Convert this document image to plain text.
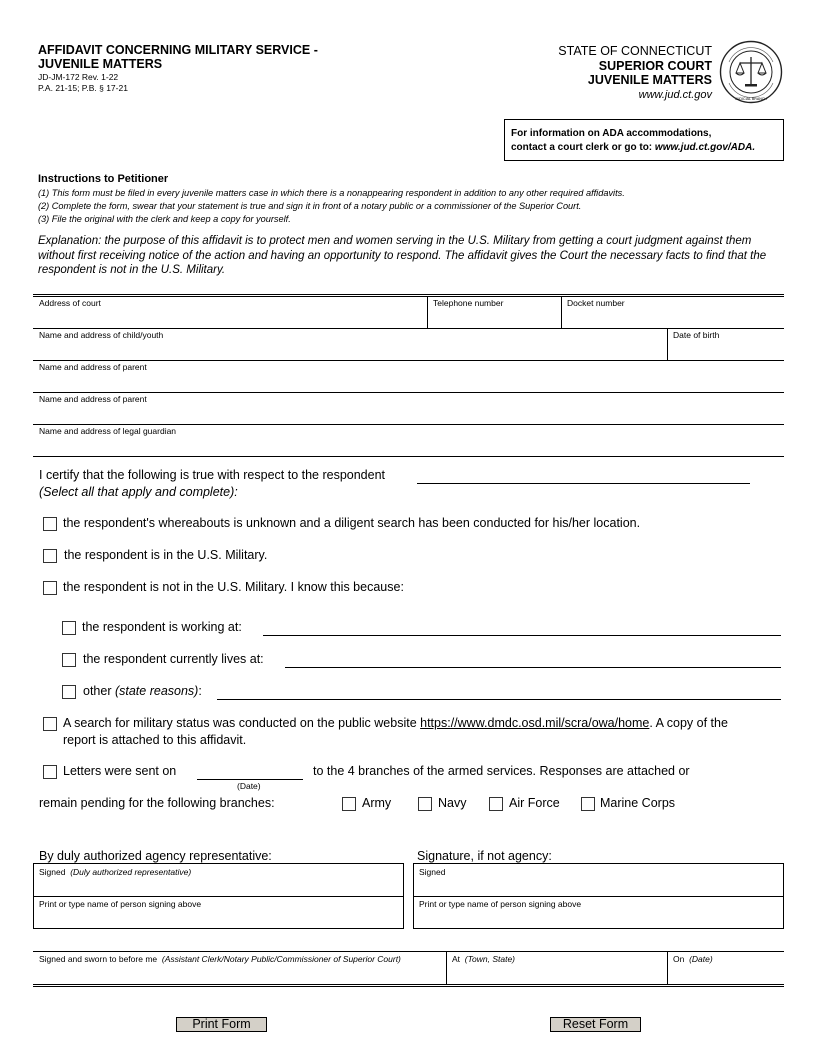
AFFIDAVIT CONCERNING MILITARY SERVICE -
JUVENILE MATTERS
JD-JM-172 Rev. 1-22
P.A. 21-15; P.B. § 17-21
STATE OF CONNECTICUT
SUPERIOR COURT
JUVENILE MATTERS
www.jud.ct.gov	JUDICIAL BRANCH
For information on ADA accommodations,
contact a court clerk or go to: www.jud.ct.gov/ADA.
Instructions to Petitioner
(1) This form must be filed in every juvenile matters case in which there is a nonappearing respondent in addition to any other required affidavits.
(2) Complete the form, swear that your statement is true and sign it in front of a notary public or a commissioner of the Superior Court.
(3) File the original with the clerk and keep a copy for yourself.
Explanation: the purpose of this affidavit is to protect men and women serving in the U.S. Military from getting a court judgment against them without first receiving notice of the action and having an opportunity to respond. The affidavit gives the Court the necessary facts to find that the respondent is not in the U.S. Military.
Address of court	Telephone number	Docket number
Name and address of child/youth	Date of birth
Name and address of parent
Name and address of parent
Name and address of legal guardian
I certify that the following is true with respect to the respondent
(Select all that apply and complete):
the respondent's whereabouts is unknown and a diligent search has been conducted for his/her location.
the respondent is in the U.S. Military.
the respondent is not in the U.S. Military. I know this because:
the respondent is working at:
the respondent currently lives at:
other (state reasons):
A search for military status was conducted on the public website https://www.dmdc.osd.mil/scra/owa/home. A copy of the
report is attached to this affidavit.
Letters were sent on
(Date)
to the 4 branches of the armed services. Responses are attached or
remain pending for the following branches:	Army	Navy	Air Force	Marine Corps
By duly authorized agency representative:	Signature, if not agency:
Signed (Duly authorized representative)
Print or type name of person signing above
Signed
Print or type name of person signing above
Signed and sworn to before me (Assistant Clerk/Notary Public/Commissioner of Superior Court)	At (Town, State)	On (Date)
Print Form	Reset Form
